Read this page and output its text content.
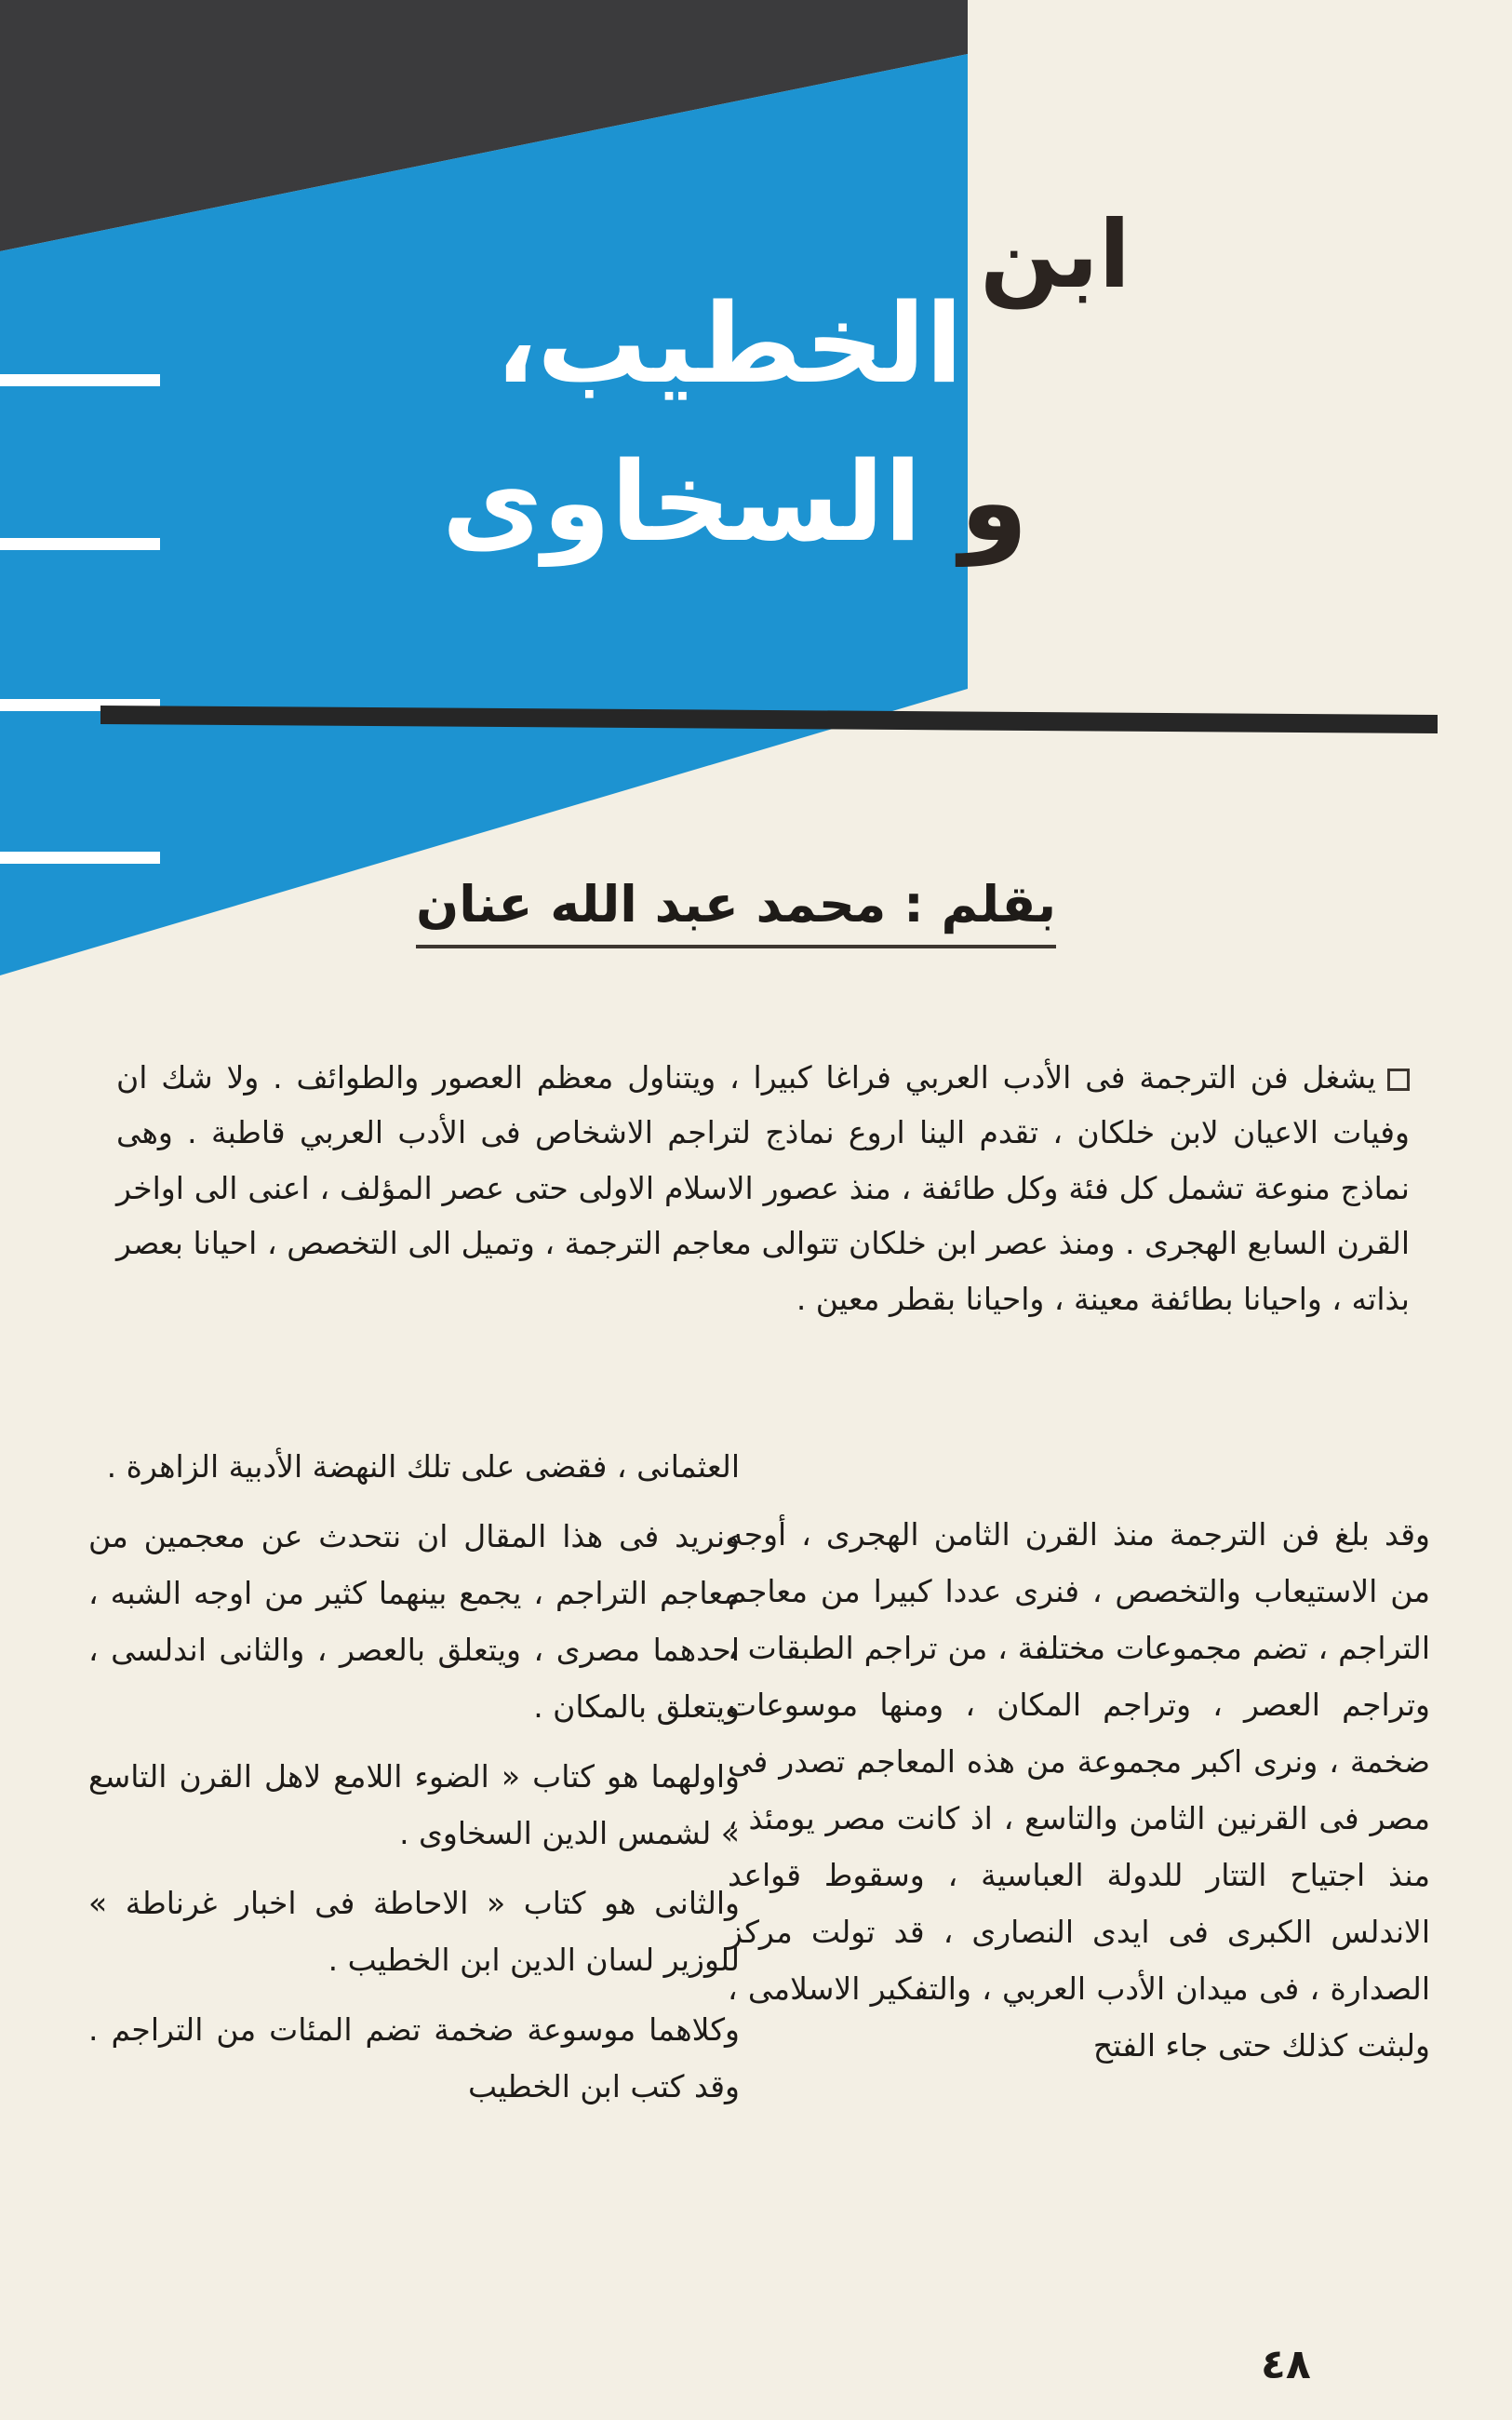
ابن
الخطيب،
و السخاوى
بقلم : محمد عبد الله عنان

يشغل فن الترجمة فى الأدب العربي فراغا كبيرا ، ويتناول معظم العصور والطوائف . ولا شك ان وفيات الاعيان لابن خلكان ، تقدم الينا اروع نماذج لتراجم الاشخاص فى الأدب العربي قاطبة . وهى نماذج منوعة تشمل كل فئة وكل طائفة ، منذ عصور الاسلام الاولى حتى عصر المؤلف ، اعنى الى اواخر القرن السابع الهجرى . ومنذ عصر ابن خلكان تتوالى معاجم الترجمة ، وتميل الى التخصص ، احيانا بعصر بذاته ، واحيانا بطائفة معينة ، واحيانا بقطر معين .

وقد بلغ فن الترجمة منذ القرن الثامن الهجرى ، أوجه من الاستيعاب والتخصص ، فنرى عددا كبيرا من معاجم التراجم ، تضم مجموعات مختلفة ، من تراجم الطبقات ، وتراجم العصر ، وتراجم المكان ، ومنها موسوعات ضخمة ، ونرى اكبر مجموعة من هذه المعاجم تصدر فى مصر فى القرنين الثامن والتاسع ، اذ كانت مصر يومئذ ، منذ اجتياح التتار للدولة العباسية ، وسقوط قواعد الاندلس الكبرى فى ايدى النصارى ، قد تولت مركز الصدارة ، فى ميدان الأدب العربي ، والتفكير الاسلامى ، ولبثت كذلك حتى جاء الفتح

العثمانى ، فقضى على تلك النهضة الأدبية الزاهرة .

ونريد فى هذا المقال ان نتحدث عن معجمين من معاجم التراجم ، يجمع بينهما كثير من اوجه الشبه ، احدهما مصرى ، ويتعلق بالعصر ، والثانى اندلسى ، ويتعلق بالمكان .

واولهما هو كتاب « الضوء اللامع لاهل القرن التاسع » لشمس الدين السخاوى .

والثانى هو كتاب « الاحاطة فى اخبار غرناطة » للوزير لسان الدين ابن الخطيب .

وكلاهما موسوعة ضخمة تضم المئات من التراجم . وقد كتب ابن الخطيب

٤٨
